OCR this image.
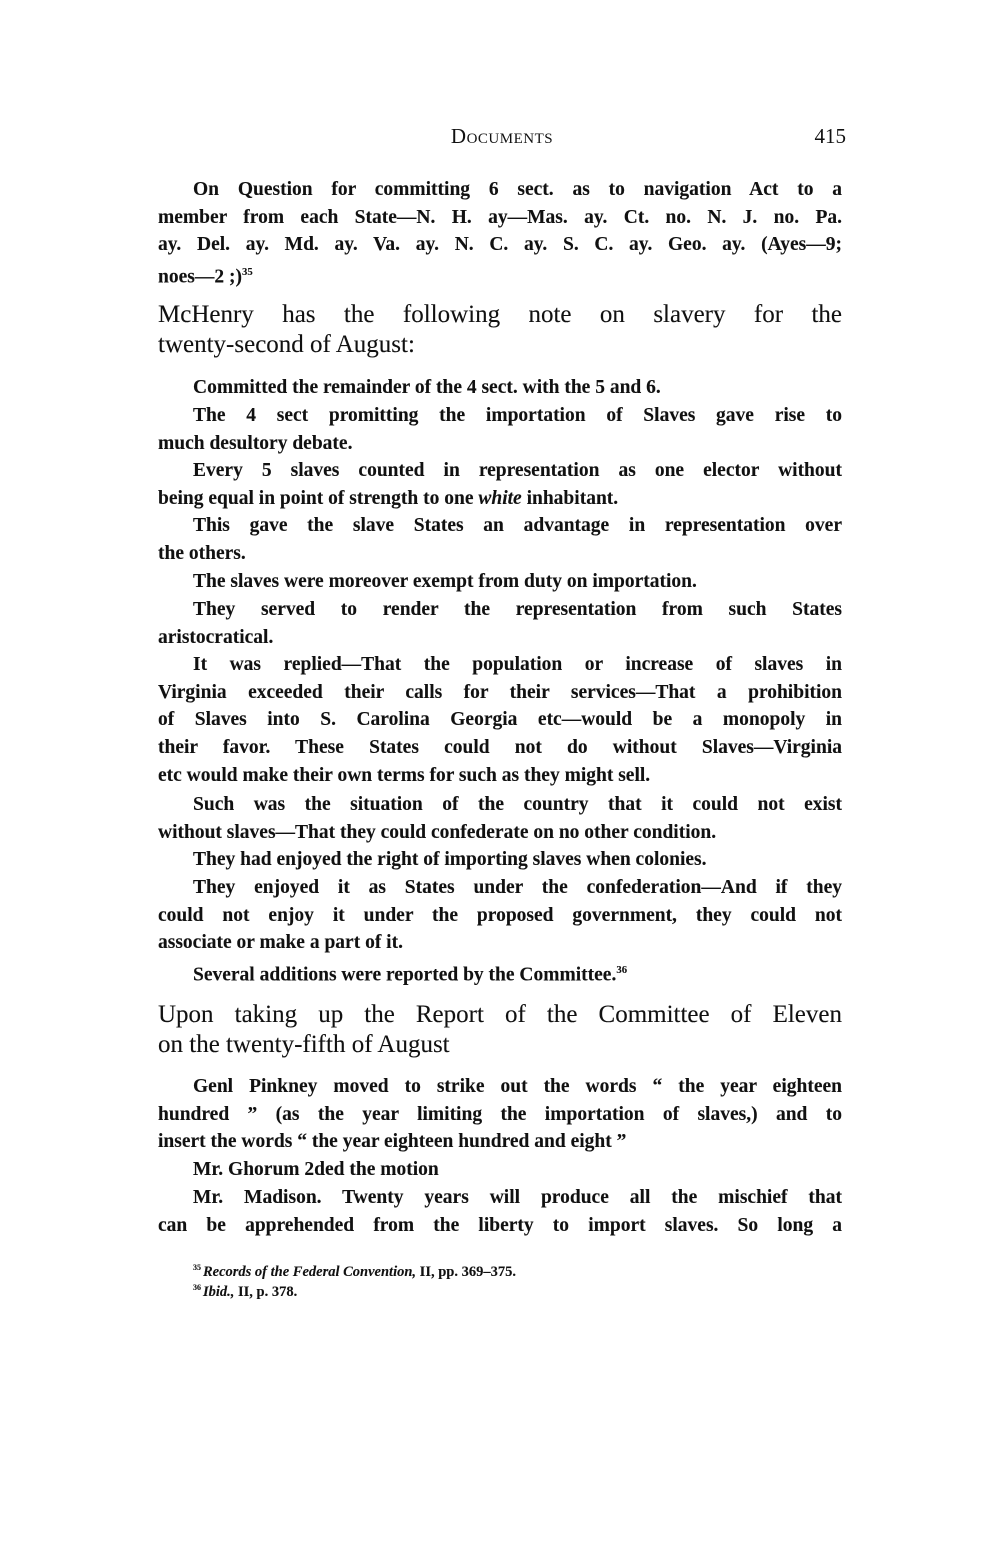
Documents	415
On Question for committing 6 sect. as to navigation Act to a
member from each State—N. H. ay—Mas. ay. Ct. no. N. J. no. Pa.
ay. Del. ay. Md. ay. Va. ay. N. C. ay. S. C. ay. Geo. ay. (Ayes—9;
noes—2 ;)$^{35}$
McHenry has the following note on slavery for the
twenty-second of August:
Committed the remainder of the 4 sect. with the 5 and 6.
The 4 sect promitting the importation of Slaves gave rise to
much desultory debate.
Every 5 slaves counted in representation as one elector without
being equal in point of strength to one white inhabitant.
This gave the slave States an advantage in representation over
the others.
The slaves were moreover exempt from duty on importation.
They served to render the representation from such States
aristocratical.
It was replied—That the population or increase of slaves in
Virginia exceeded their calls for their services—That a prohibition
of Slaves into S. Carolina Georgia etc—would be a monopoly in
their favor. These States could not do without Slaves—Virginia
etc would make their own terms for such as they might sell.
Such was the situation of the country that it could not exist
without slaves—That they could confederate on no other condition.
They had enjoyed the right of importing slaves when colonies.
They enjoyed it as States under the confederation—And if they
could not enjoy it under the proposed government, they could not
associate or make a part of it.
Several additions were reported by the Committee.$^{36}$
Upon taking up the Report of the Committee of Eleven
on the twenty-fifth of August
Genl Pinkney moved to strike out the words “ the year eighteen
hundred ” (as the year limiting the importation of slaves,) and to
insert the words “ the year eighteen hundred and eight ”
Mr. Ghorum 2ded the motion
Mr. Madison. Twenty years will produce all the mischief that
can be apprehended from the liberty to import slaves. So long a
$^{35}$ Records of the Federal Convention, II, pp. 369–375.
$^{36}$ Ibid., II, p. 378.
